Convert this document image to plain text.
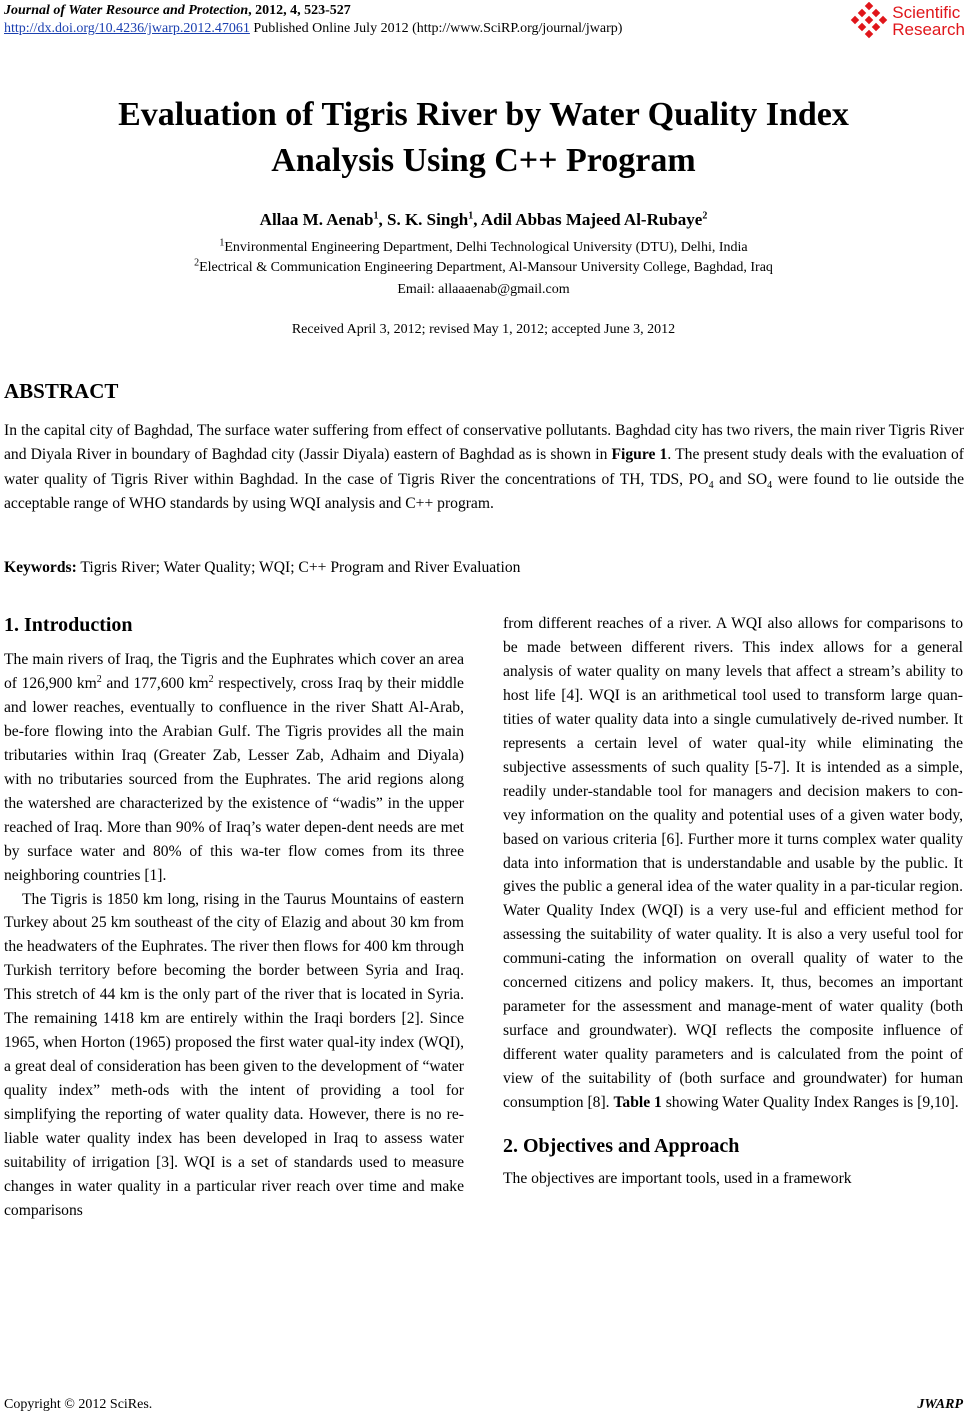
Journal of Water Resource and Protection, 2012, 4, 523-527
http://dx.doi.org/10.4236/jwarp.2012.47061 Published Online July 2012 (http://www.SciRP.org/journal/jwarp)
Scientific
Research
Evaluation of Tigris River by Water Quality Index
Analysis Using C++ Program
Allaa M. Aenab$^1$, S. K. Singh$^1$, Adil Abbas Majeed Al-Rubaye$^2$
$^1$Environmental Engineering Department, Delhi Technological University (DTU), Delhi, India
$^2$Electrical & Communication Engineering Department, Al-Mansour University College, Baghdad, Iraq
Email: allaaaenab@gmail.com
Received April 3, 2012; revised May 1, 2012; accepted June 3, 2012
ABSTRACT
In the capital city of Baghdad, The surface water suffering from effect of conservative pollutants. Baghdad city has two rivers, the main river Tigris River and Diyala River in boundary of Baghdad city (Jassir Diyala) eastern of Baghdad as is shown in Figure 1. The present study deals with the evaluation of water quality of Tigris River within Baghdad. In the case of Tigris River the concentrations of TH, TDS, $PO_4$ and $SO_4$ were found to lie outside the acceptable range of WHO standards by using WQI analysis and C++ program.
Keywords: Tigris River; Water Quality; WQI; C++ Program and River Evaluation
1. Introduction

The main rivers of Iraq, the Tigris and the Euphrates which cover an area of 126,900 $km^2$ and 177,600 $km^2$ respectively, cross Iraq by their middle and lower reaches, eventually to confluence in the river Shatt Al-Arab, be-fore flowing into the Arabian Gulf. The Tigris provides all the main tributaries within Iraq (Greater Zab, Lesser Zab, Adhaim and Diyala) with no tributaries sourced from the Euphrates. The arid regions along the watershed are characterized by the existence of “wadis” in the upper reached of Iraq. More than 90% of Iraq’s water depen-dent needs are met by surface water and 80% of this wa-ter flow comes from its three neighboring countries [1].

The Tigris is 1850 km long, rising in the Taurus Mountains of eastern Turkey about 25 km southeast of the city of Elazig and about 30 km from the headwaters of the Euphrates. The river then flows for 400 km through Turkish territory before becoming the border between Syria and Iraq. This stretch of 44 km is the only part of the river that is located in Syria. The remaining 1418 km are entirely within the Iraqi borders [2]. Since 1965, when Horton (1965) proposed the first water qual-ity index (WQI), a great deal of consideration has been given to the development of “water quality index” meth-ods with the intent of providing a tool for simplifying the reporting of water quality data. However, there is no re-liable water quality index has been developed in Iraq to assess water suitability of irrigation [3]. WQI is a set of standards used to measure changes in water quality in a particular river reach over time and make comparisons

from different reaches of a river. A WQI also allows for comparisons to be made between different rivers. This index allows for a general analysis of water quality on many levels that affect a stream’s ability to host life [4]. WQI is an arithmetical tool used to transform large quan-tities of water quality data into a single cumulatively de-rived number. It represents a certain level of water qual-ity while eliminating the subjective assessments of such quality [5-7]. It is intended as a simple, readily under-standable tool for managers and decision makers to con-vey information on the quality and potential uses of a given water body, based on various criteria [6]. Further more it turns complex water quality data into information that is understandable and usable by the public. It gives the public a general idea of the water quality in a par-ticular region. Water Quality Index (WQI) is a very use-ful and efficient method for assessing the suitability of water quality. It is also a very useful tool for communi-cating the information on overall quality of water to the concerned citizens and policy makers. It, thus, becomes an important parameter for the assessment and manage-ment of water quality (both surface and groundwater). WQI reflects the composite influence of different water quality parameters and is calculated from the point of view of the suitability of (both surface and groundwater) for human consumption [8]. Table 1 showing Water Quality Index Ranges is [9,10].

2. Objectives and Approach

The objectives are important tools, used in a framework

Copyright © 2012 SciRes.	JWARP
